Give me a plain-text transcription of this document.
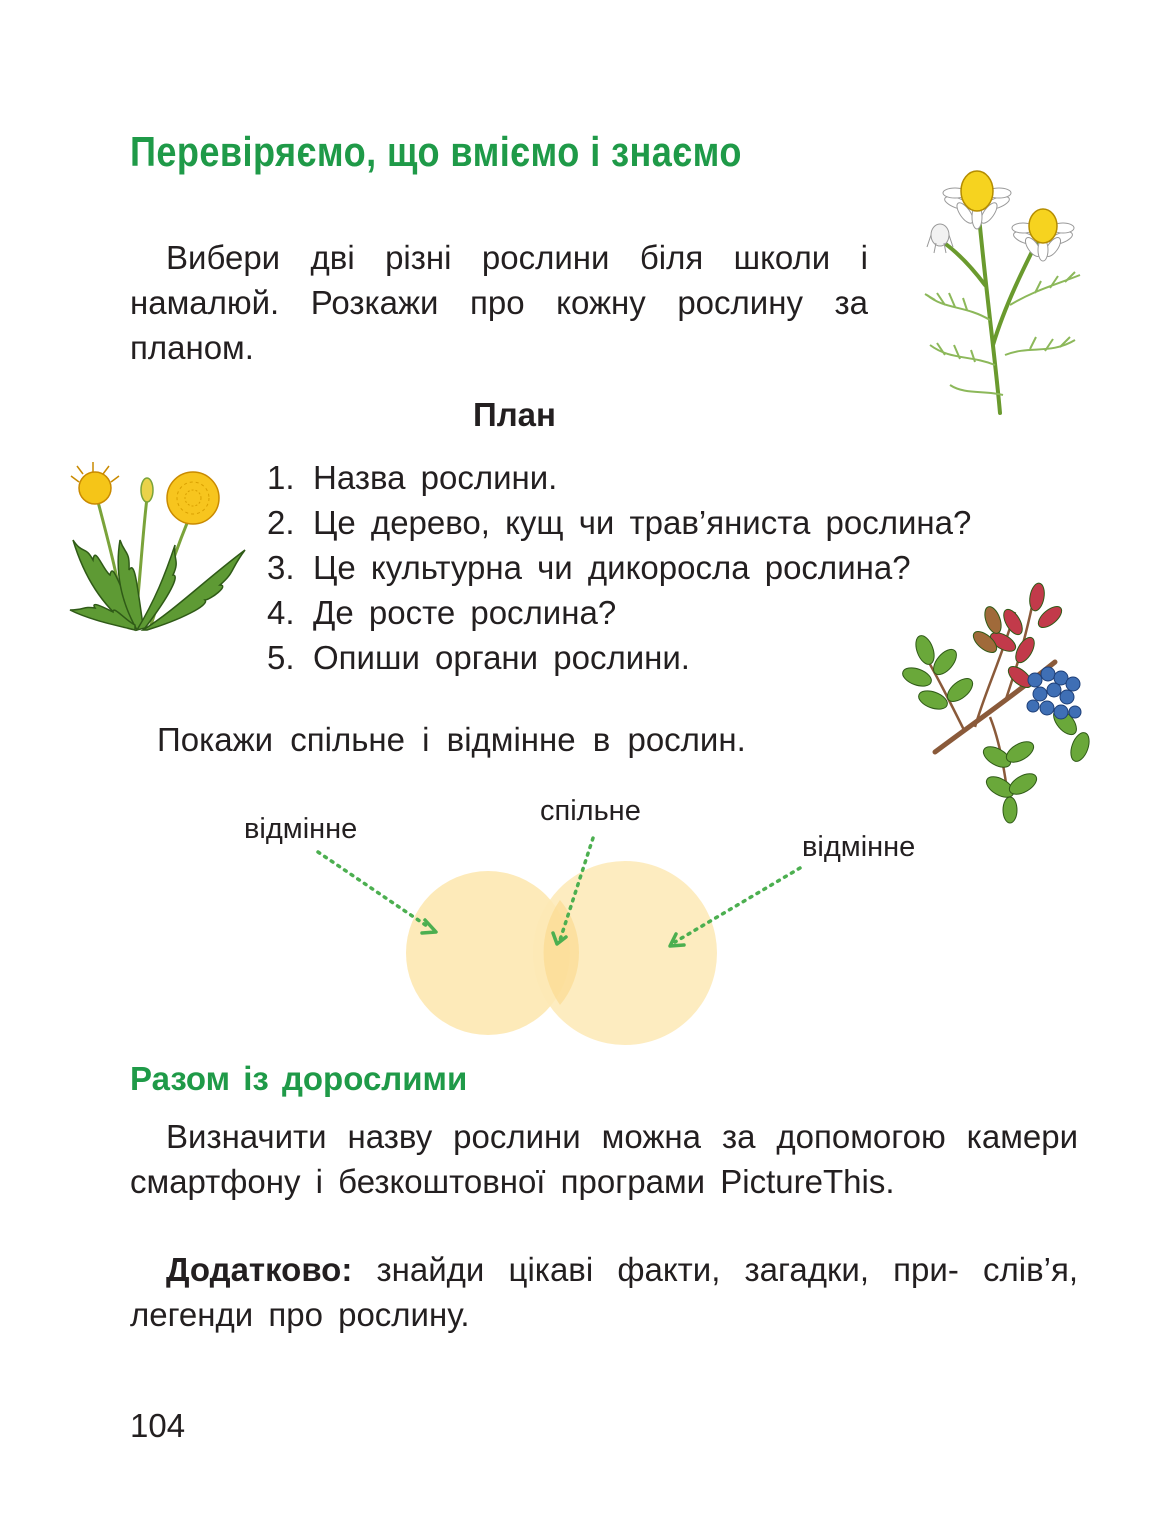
Перевіряємо, що вміємо і знаємо

Вибери дві різні рослини біля школи і намалюй. Розкажи про кожну рослину за планом.

План
1. Назва рослини.
2. Це дерево, кущ чи трав’яниста рослина?
3. Це культурна чи дикоросла рослина?
4. Де росте рослина?
5. Опиши органи рослини.

Покажи спільне і відмінне в рослин.

відмінне
спільне
відмінне
Разом із дорослими

Визначити назву рослини можна за допомогою камери смартфону і безкоштовної програми PictureThis.

Додатково: знайди цікаві факти, загадки, при- слів’я, легенди про рослину.

104
